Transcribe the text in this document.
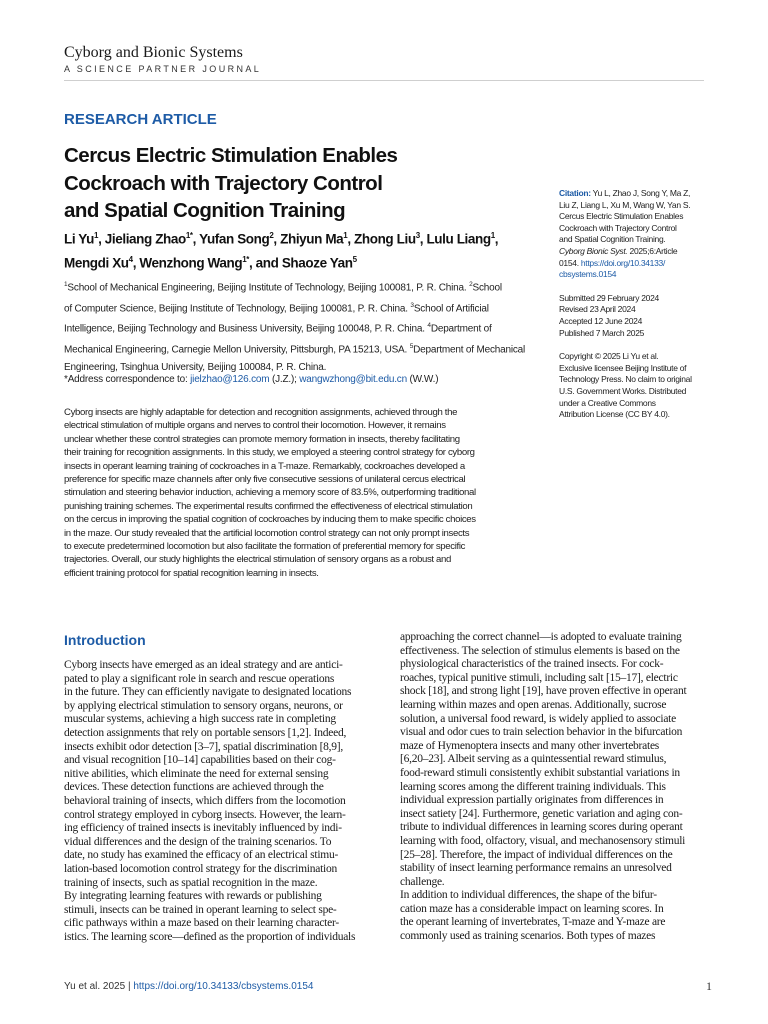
Cyborg and Bionic Systems
A SCIENCE PARTNER JOURNAL
RESEARCH ARTICLE
Cercus Electric Stimulation Enables
Cockroach with Trajectory Control
and Spatial Cognition Training
Li Yu$^1$, Jieliang Zhao$^{1*}$, Yufan Song$^2$, Zhiyun Ma$^1$, Zhong Liu$^3$, Lulu Liang$^1$,
Mengdi Xu$^4$, Wenzhong Wang$^{1*}$, and Shaoze Yan$^5$
$^1$School of Mechanical Engineering, Beijing Institute of Technology, Beijing 100081, P. R. China. $^2$School
of Computer Science, Beijing Institute of Technology, Beijing 100081, P. R. China. $^3$School of Artificial
Intelligence, Beijing Technology and Business University, Beijing 100048, P. R. China. $^4$Department of
Mechanical Engineering, Carnegie Mellon University, Pittsburgh, PA 15213, USA. $^5$Department of Mechanical
Engineering, Tsinghua University, Beijing 100084, P. R. China.
*Address correspondence to: jielzhao@126.com (J.Z.); wangwzhong@bit.edu.cn (W.W.)
Cyborg insects are highly adaptable for detection and recognition assignments, achieved through the
electrical stimulation of multiple organs and nerves to control their locomotion. However, it remains
unclear whether these control strategies can promote memory formation in insects, thereby facilitating
their training for recognition assignments. In this study, we employed a steering control strategy for cyborg
insects in operant learning training of cockroaches in a T-maze. Remarkably, cockroaches developed a
preference for specific maze channels after only five consecutive sessions of unilateral cercus electrical
stimulation and steering behavior induction, achieving a memory score of 83.5%, outperforming traditional
punishing training schemes. The experimental results confirmed the effectiveness of electrical stimulation
on the cercus in improving the spatial cognition of cockroaches by inducing them to make specific choices
in the maze. Our study revealed that the artificial locomotion control strategy can not only prompt insects
to execute predetermined locomotion but also facilitate the formation of preferential memory for specific
trajectories. Overall, our study highlights the electrical stimulation of sensory organs as a robust and
efficient training protocol for spatial recognition learning in insects.
Citation: Yu L, Zhao J, Song Y, Ma Z,
Liu Z, Liang L, Xu M, Wang W, Yan S.
Cercus Electric Stimulation Enables
Cockroach with Trajectory Control
and Spatial Cognition Training.
Cyborg Bionic Syst. 2025;6:Article
0154. https://doi.org/10.34133/
cbsystems.0154
Submitted 29 February 2024
Revised 23 April 2024
Accepted 12 June 2024
Published 7 March 2025
Copyright © 2025 Li Yu et al.
Exclusive licensee Beijing Institute of
Technology Press. No claim to original
U.S. Government Works. Distributed
under a Creative Commons
Attribution License (CC BY 4.0).
Introduction
Cyborg insects have emerged as an ideal strategy and are antici-
pated to play a significant role in search and rescue operations
in the future. They can efficiently navigate to designated locations
by applying electrical stimulation to sensory organs, neurons, or
muscular systems, achieving a high success rate in completing
detection assignments that rely on portable sensors [1,2]. Indeed,
insects exhibit odor detection [3–7], spatial discrimination [8,9],
and visual recognition [10–14] capabilities based on their cog-
nitive abilities, which eliminate the need for external sensing
devices. These detection functions are achieved through the
behavioral training of insects, which differs from the locomotion
control strategy employed in cyborg insects. However, the learn-
ing efficiency of trained insects is inevitably influenced by indi-
vidual differences and the design of the training scenarios. To
date, no study has examined the efficacy of an electrical stimu-
lation-based locomotion control strategy for the discrimination
training of insects, such as spatial recognition in the maze.
By integrating learning features with rewards or publishing
stimuli, insects can be trained in operant learning to select spe-
cific pathways within a maze based on their learning character-
istics. The learning score—defined as the proportion of individuals
approaching the correct channel—is adopted to evaluate training
effectiveness. The selection of stimulus elements is based on the
physiological characteristics of the trained insects. For cock-
roaches, typical punitive stimuli, including salt [15–17], electric
shock [18], and strong light [19], have proven effective in operant
learning within mazes and open arenas. Additionally, sucrose
solution, a universal food reward, is widely applied to associate
visual and odor cues to train selection behavior in the bifurcation
maze of Hymenoptera insects and many other invertebrates
[6,20–23]. Albeit serving as a quintessential reward stimulus,
food-reward stimuli consistently exhibit substantial variations in
learning scores among the different training individuals. This
individual expression partially originates from differences in
insect satiety [24]. Furthermore, genetic variation and aging con-
tribute to individual differences in learning scores during operant
learning with food, olfactory, visual, and mechanosensory stimuli
[25–28]. Therefore, the impact of individual differences on the
stability of insect learning performance remains an unresolved
challenge.
In addition to individual differences, the shape of the bifur-
cation maze has a considerable impact on learning scores. In
the operant learning of invertebrates, T-maze and Y-maze are
commonly used as training scenarios. Both types of mazes
Yu et al. 2025 | https://doi.org/10.34133/cbsystems.0154	1
